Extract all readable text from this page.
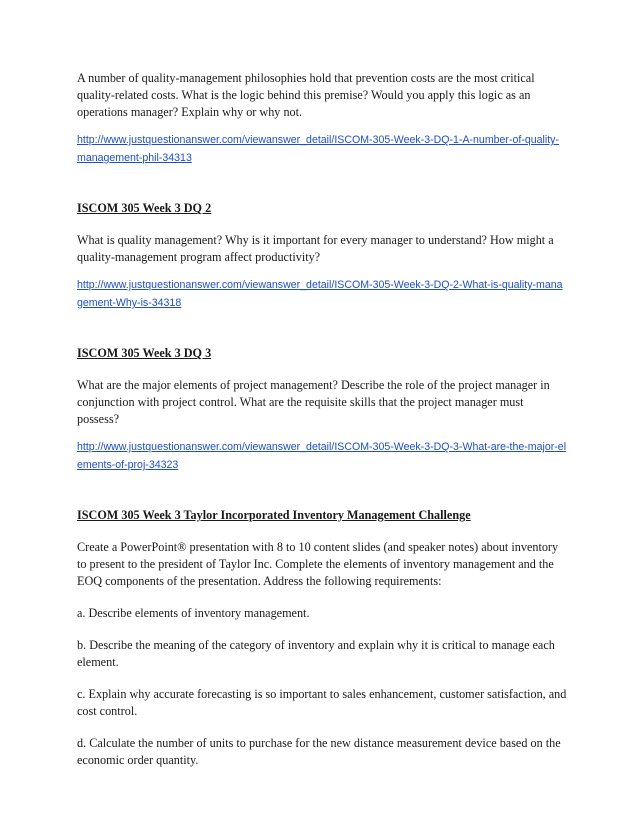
A number of quality-management philosophies hold that prevention costs are the most critical quality-related costs. What is the logic behind this premise? Would you apply this logic as an operations manager? Explain why or why not.

http://www.justquestionanswer.com/viewanswer_detail/ISCOM-305-Week-3-DQ-1-A-number-of-quality-management-phil-34313

ISCOM 305 Week 3 DQ 2

What is quality management? Why is it important for every manager to understand? How might a quality-management program affect productivity?

http://www.justquestionanswer.com/viewanswer_detail/ISCOM-305-Week-3-DQ-2-What-is-quality-management-Why-is-34318

ISCOM 305 Week 3 DQ 3

What are the major elements of project management? Describe the role of the project manager in conjunction with project control. What are the requisite skills that the project manager must possess?

http://www.justquestionanswer.com/viewanswer_detail/ISCOM-305-Week-3-DQ-3-What-are-the-major-elements-of-proj-34323

ISCOM 305 Week 3 Taylor Incorporated Inventory Management Challenge

Create a PowerPoint® presentation with 8 to 10 content slides (and speaker notes) about inventory to present to the president of Taylor Inc. Complete the elements of inventory management and the EOQ components of the presentation. Address the following requirements:

a. Describe elements of inventory management.

b. Describe the meaning of the category of inventory and explain why it is critical to manage each element.

c. Explain why accurate forecasting is so important to sales enhancement, customer satisfaction, and cost control.

d. Calculate the number of units to purchase for the new distance measurement device based on the economic order quantity.
